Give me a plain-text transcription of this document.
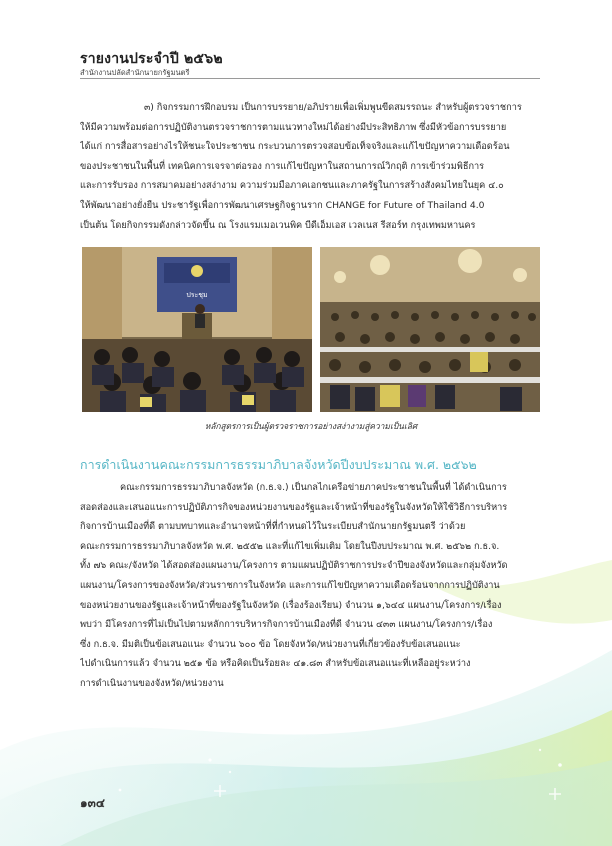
รายงานประจำปี ๒๕๖๒
สำนักงานปลัดสำนักนายกรัฐมนตรี
๓) กิจกรรมการฝึกอบรม เป็นการบรรยาย/อภิปรายเพื่อเพิ่มพูนขีดสมรรถนะ สำหรับผู้ตรวจราชการ
ให้มีความพร้อมต่อการปฏิบัติงานตรวจราชการตามแนวทางใหม่ได้อย่างมีประสิทธิภาพ ซึ่งมีหัวข้อการบรรยาย
ได้แก่ การสื่อสารอย่างไรให้ชนะใจประชาชน กระบวนการตรวจสอบข้อเท็จจริงและแก้ไขปัญหาความเดือดร้อน
ของประชาชนในพื้นที่ เทคนิคการเจรจาต่อรอง การแก้ไขปัญหาในสถานการณ์วิกฤติ การเข้าร่วมพิธีการ
และการรับรอง การสมาคมอย่างสง่างาม ความร่วมมือภาคเอกชนและภาครัฐในการสร้างสังคมไทยในยุค ๔.๐
ให้พัฒนาอย่างยั่งยืน ประชารัฐเพื่อการพัฒนาเศรษฐกิจฐานราก CHANGE for Future of Thailand 4.0
เป็นต้น โดยกิจกรรมดังกล่าวจัดขึ้น ณ โรงแรมเมอเวนพิค บีดีเอ็มเอส เวลเนส รีสอร์ท กรุงเทพมหานคร
ประชุม
หลักสูตรการเป็นผู้ตรวจราชการอย่างสง่างามสู่ความเป็นเลิศ
การดำเนินงานคณะกรรมการธรรมาภิบาลจังหวัดปีงบประมาณ พ.ศ. ๒๕๖๒
คณะกรรมการธรรมาภิบาลจังหวัด (ก.ธ.จ.) เป็นกลไกเครือข่ายภาคประชาชนในพื้นที่ ได้ดำเนินการ
สอดส่องและเสนอแนะการปฏิบัติภารกิจของหน่วยงานของรัฐและเจ้าหน้าที่ของรัฐในจังหวัดให้ใช้วิธีการบริหาร
กิจการบ้านเมืองที่ดี ตามบทบาทและอำนาจหน้าที่ที่กำหนดไว้ในระเบียบสำนักนายกรัฐมนตรี ว่าด้วย
คณะกรรมการธรรมาภิบาลจังหวัด พ.ศ. ๒๕๕๒ และที่แก้ไขเพิ่มเติม โดยในปีงบประมาณ พ.ศ. ๒๕๖๒ ก.ธ.จ.
ทั้ง ๗๖ คณะ/จังหวัด ได้สอดส่องแผนงาน/โครงการ ตามแผนปฏิบัติราชการประจำปีของจังหวัดและกลุ่มจังหวัด
แผนงาน/โครงการของจังหวัด/ส่วนราชการในจังหวัด และการแก้ไขปัญหาความเดือดร้อนจากการปฏิบัติงาน
ของหน่วยงานของรัฐและเจ้าหน้าที่ของรัฐในจังหวัด (เรื่องร้องเรียน) จำนวน ๑,๖๔๔ แผนงาน/โครงการ/เรื่อง
พบว่า มีโครงการที่ไม่เป็นไปตามหลักการบริหารกิจการบ้านเมืองที่ดี จำนวน ๔๓๓ แผนงาน/โครงการ/เรื่อง
ซึ่ง ก.ธ.จ. มีมติเป็นข้อเสนอแนะ จำนวน ๖๐๐ ข้อ โดยจังหวัด/หน่วยงานที่เกี่ยวข้องรับข้อเสนอแนะ
ไปดำเนินการแล้ว จำนวน ๒๕๑ ข้อ หรือคิดเป็นร้อยละ ๔๑.๘๓ สำหรับข้อเสนอแนะที่เหลืออยู่ระหว่าง
การดำเนินงานของจังหวัด/หน่วยงาน
๑๓๔
